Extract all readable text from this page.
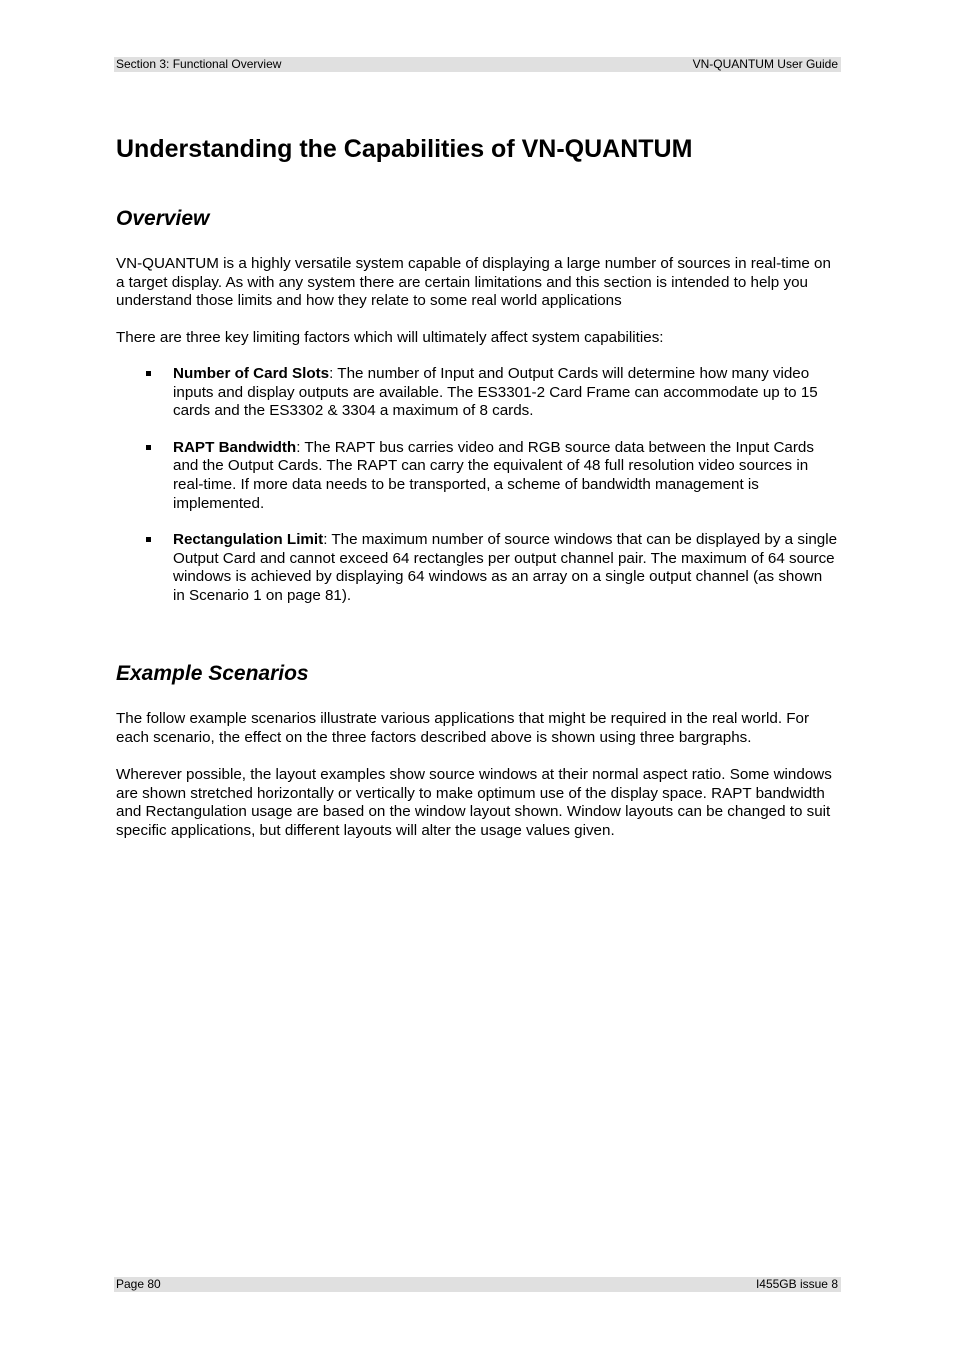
Section 3: Functional Overview	VN-QUANTUM User Guide
Understanding the Capabilities of VN-QUANTUM
Overview

VN-QUANTUM is a highly versatile system capable of displaying a large number of sources in real-time on a target display. As with any system there are certain limitations and this section is intended to help you understand those limits and how they relate to some real world applications

There are three key limiting factors which will ultimately affect system capabilities:

Number of Card Slots: The number of Input and Output Cards will determine how many video inputs and display outputs are available. The ES3301-2 Card Frame can accommodate up to 15 cards and the ES3302 & 3304 a maximum of 8 cards.
RAPT Bandwidth: The RAPT bus carries video and RGB source data between the Input Cards and the Output Cards. The RAPT can carry the equivalent of 48 full resolution video sources in real-time. If more data needs to be transported, a scheme of bandwidth management is implemented.
Rectangulation Limit: The maximum number of source windows that can be displayed by a single Output Card and cannot exceed 64 rectangles per output channel pair. The maximum of 64 source windows is achieved by displaying 64 windows as an array on a single output channel (as shown in Scenario 1 on page 81).
Example Scenarios

The follow example scenarios illustrate various applications that might be required in the real world. For each scenario, the effect on the three factors described above is shown using three bargraphs.

Wherever possible, the layout examples show source windows at their normal aspect ratio. Some windows are shown stretched horizontally or vertically to make optimum use of the display space. RAPT bandwidth and Rectangulation usage are based on the window layout shown. Window layouts can be changed to suit specific applications, but different layouts will alter the usage values given.

Page 80	I455GB issue 8
